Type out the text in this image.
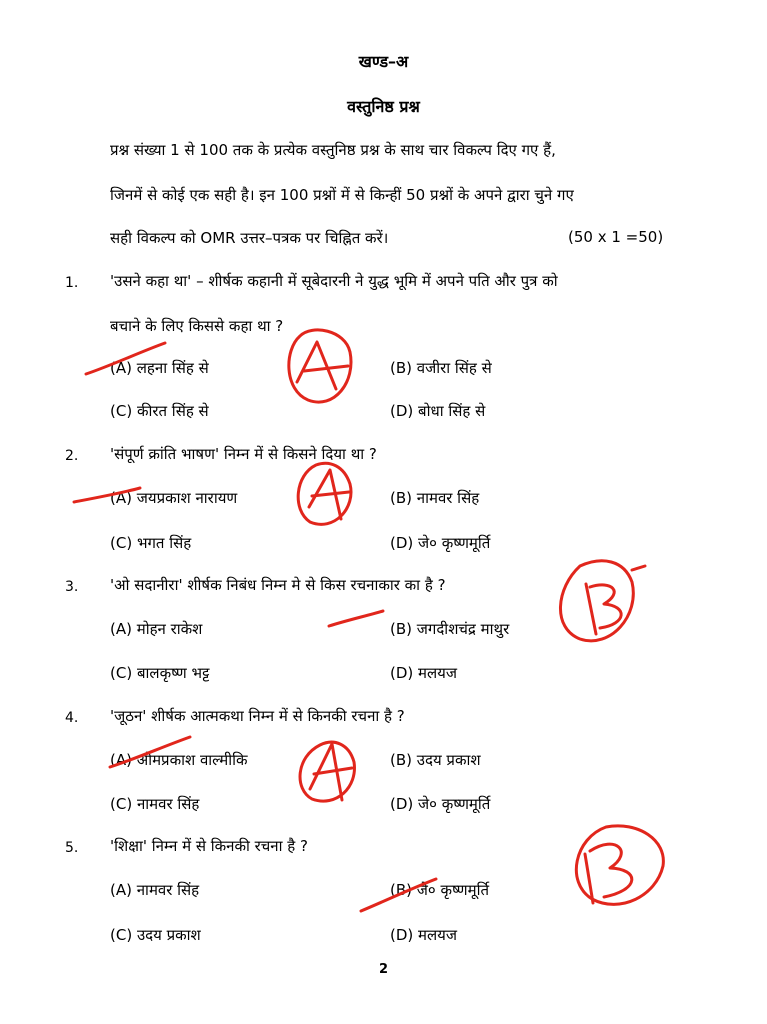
खण्ड–अ
वस्तुनिष्ठ प्रश्न
प्रश्न संख्या 1 से 100 तक के प्रत्येक वस्तुनिष्ठ प्रश्न के साथ चार विकल्प दिए गए हैं,
जिनमें से कोई एक सही है। इन 100 प्रश्नों में से किन्हीं 50 प्रश्नों के अपने द्वारा चुने गए
सही विकल्प को OMR उत्तर–पत्रक पर चिह्नित करें।	(50 x 1 =50)
1. 'उसने कहा था' – शीर्षक कहानी में सूबेदारनी ने युद्ध भूमि में अपने पति और पुत्र को
बचाने के लिए किससे कहा था ?
(A) लहना सिंह से	(B) वजीरा सिंह से
(C) कीरत सिंह से	(D) बोधा सिंह से
2. 'संपूर्ण क्रांति भाषण' निम्न में से किसने दिया था ?
(A) जयप्रकाश नारायण	(B) नामवर सिंह
(C) भगत सिंह	(D) जे० कृष्णमूर्ति
3. 'ओ सदानीरा' शीर्षक निबंध निम्न मे से किस रचनाकार का है ?
(A) मोहन राकेश	(B) जगदीशचंद्र माथुर
(C) बालकृष्ण भट्ट	(D) मलयज
4. 'जूठन' शीर्षक आत्मकथा निम्न में से किनकी रचना है ?
(A) ओमप्रकाश वाल्मीकि	(B) उदय प्रकाश
(C) नामवर सिंह	(D) जे० कृष्णमूर्ति
5. 'शिक्षा' निम्न में से किनकी रचना है ?
(A) नामवर सिंह	(B) जे० कृष्णमूर्ति
(C) उदय प्रकाश	(D) मलयज
2
